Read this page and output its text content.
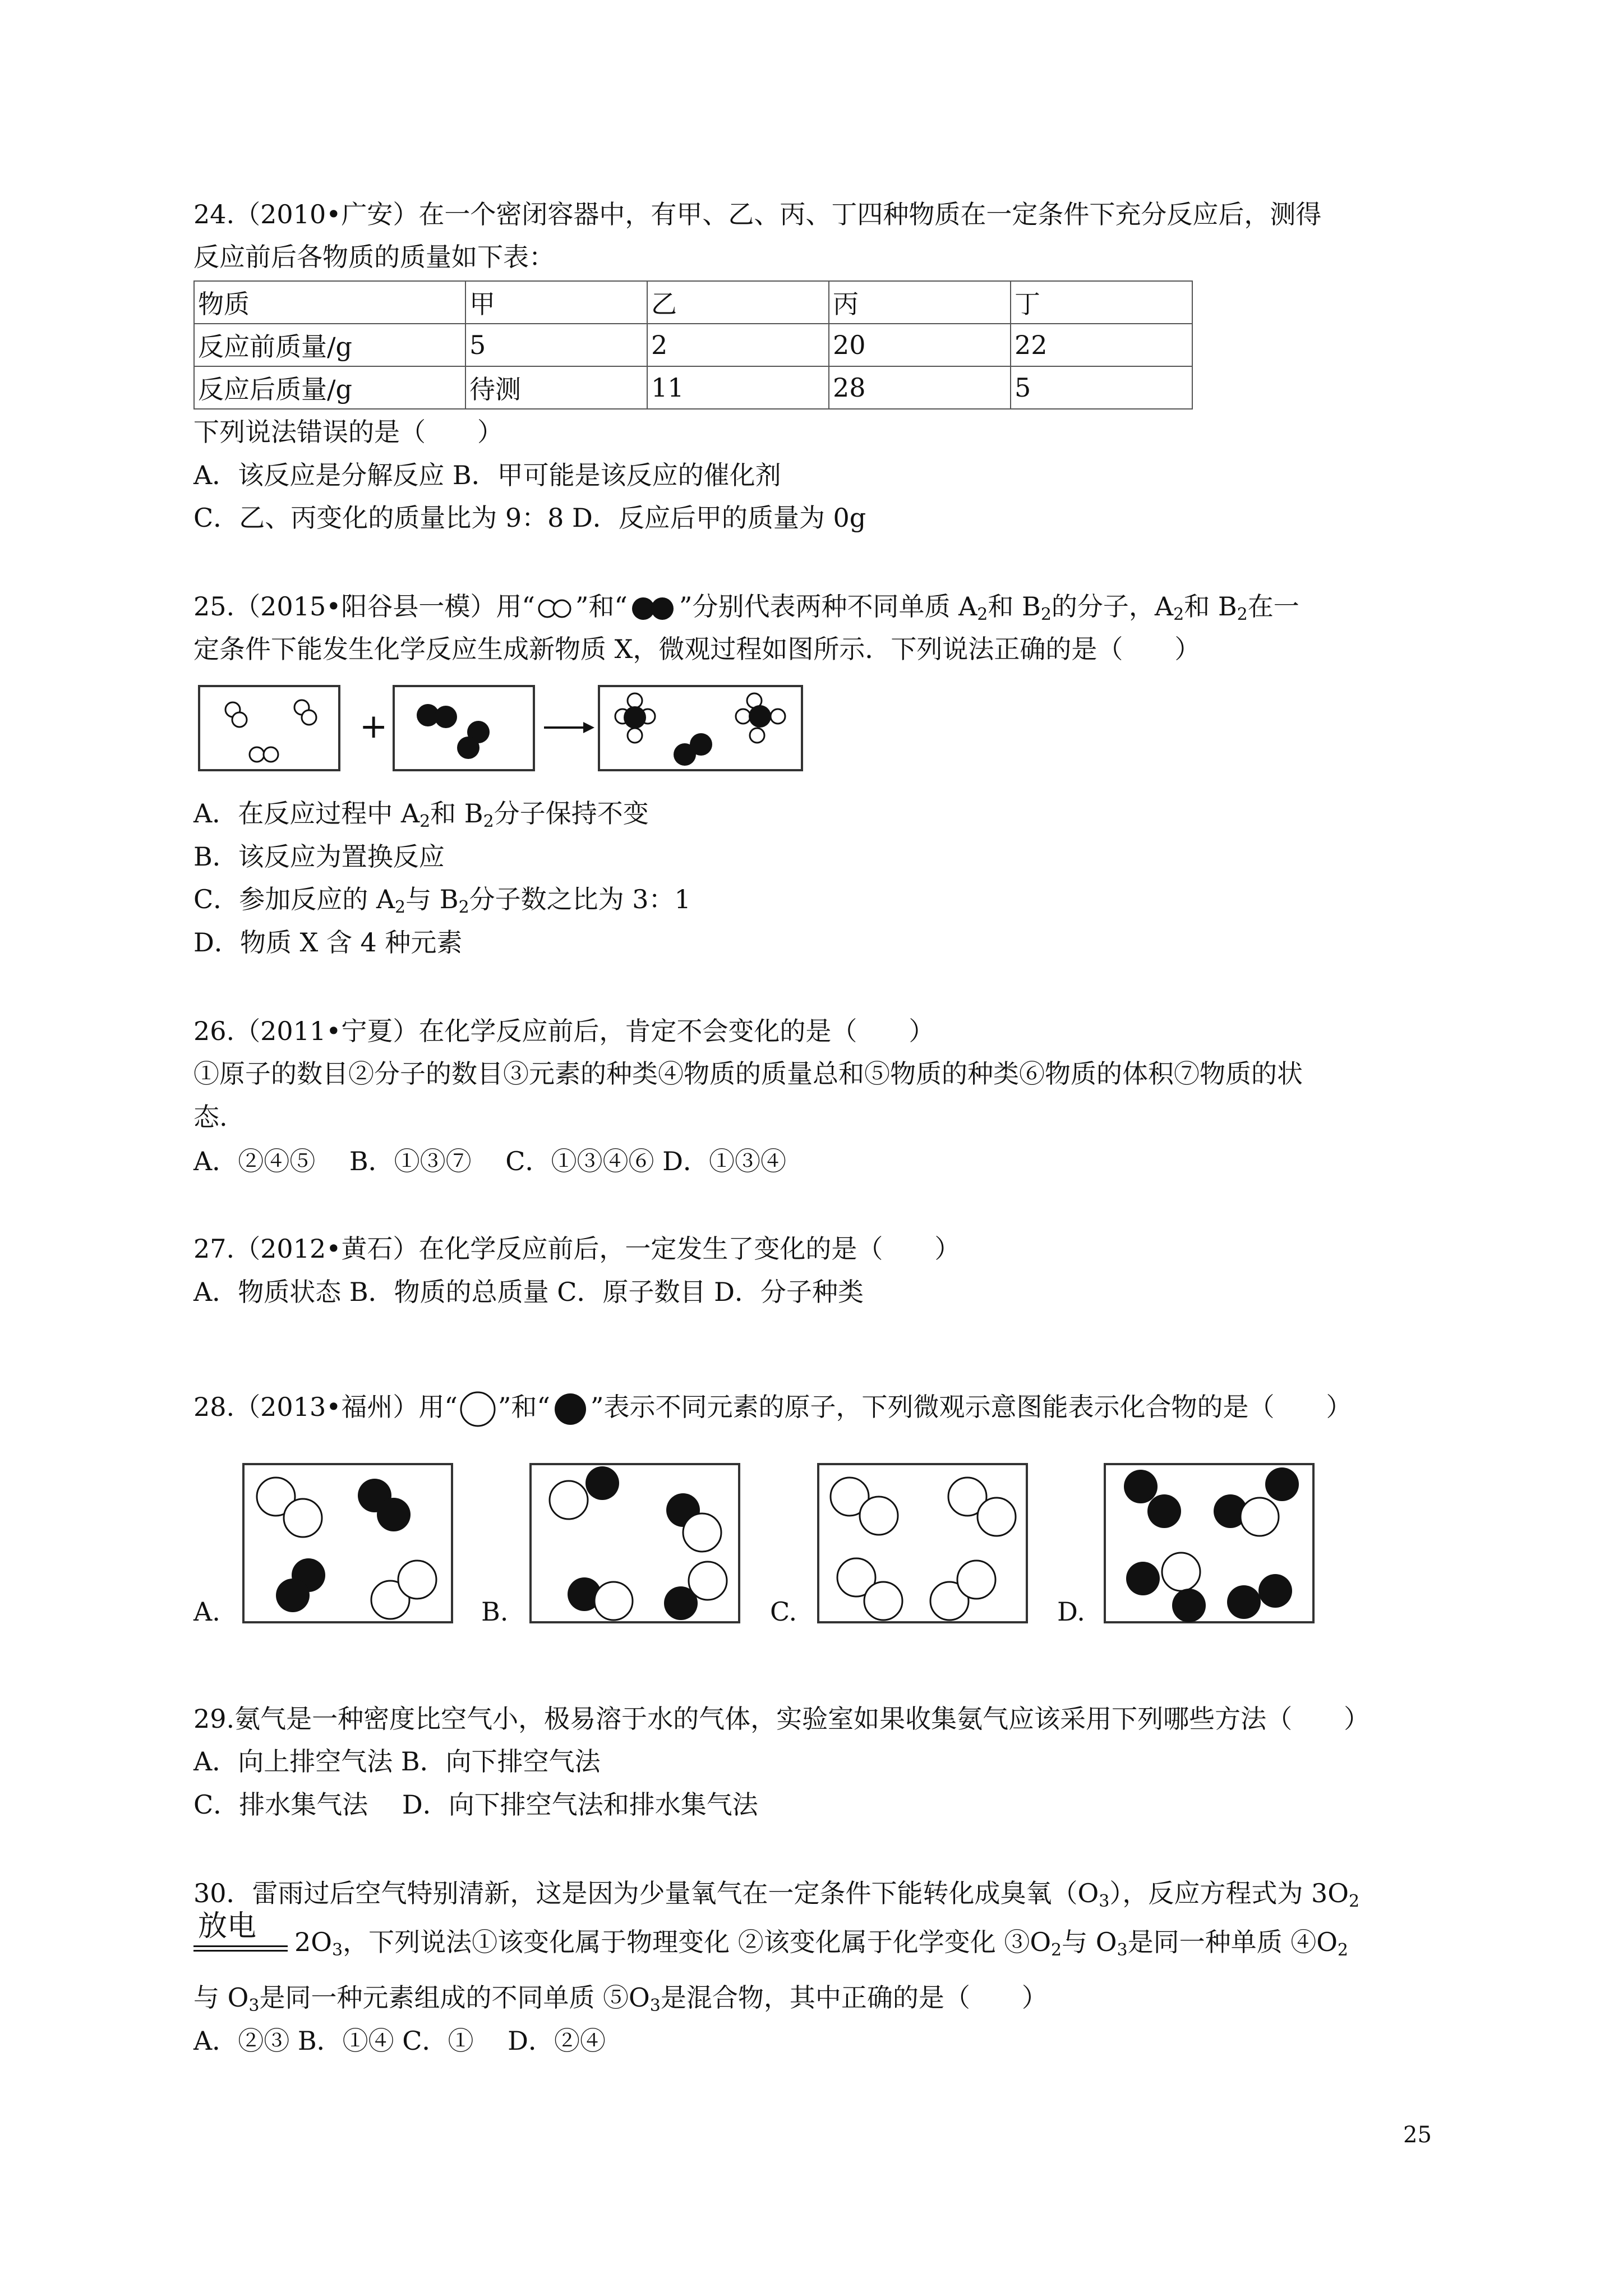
24.（2010•广安）在一个密闭容器中，有甲、乙、丙、丁四种物质在一定条件下充分反应后，测得
反应前后各物质的质量如下表：
物质	甲	乙	丙	丁
反应前质量/g	5	2	20	22
反应后质量/g	待测	11	28	5
下列说法错误的是（　　）
A．该反应是分解反应 B．甲可能是该反应的催化剂
C．乙、丙变化的质量比为 9：8 D．反应后甲的质量为 0g
25.（2015•阳谷县一模）用“ ”和“ ”分别代表两种不同单质 $A_2$和 $B_2$的分子，$A_2$和 $B_2$在一
定条件下能发生化学反应生成新物质 X，微观过程如图所示．下列说法正确的是（　　）
+
A．在反应过程中 $A_2$和 $B_2$分子保持不变
B．该反应为置换反应
C．参加反应的 $A_2$与 $B_2$分子数之比为 3：1
D．物质 X 含 4 种元素
26.（2011•宁夏）在化学反应前后，肯定不会变化的是（　　）
①原子的数目②分子的数目③元素的种类④物质的质量总和⑤物质的种类⑥物质的体积⑦物质的状
态.
A．②④⑤　 B．①③⑦　 C．①③④⑥ D．①③④
27.（2012•黄石）在化学反应前后，一定发生了变化的是（　　）
A．物质状态 B．物质的总质量 C．原子数目 D．分子种类
28.（2013•福州）用“ ”和“ ”表示不同元素的原子，下列微观示意图能表示化合物的是（　　）
A.	B.	C.	D.
29.氨气是一种密度比空气小，极易溶于水的气体，实验室如果收集氨气应该采用下列哪些方法（　　）
A．向上排空气法 B．向下排空气法
C．排水集气法　 D．向下排空气法和排水集气法
30．雷雨过后空气特别清新，这是因为少量氧气在一定条件下能转化成臭氧$(O_3)$，反应方程式为 $3O_2$
放电 $2O_3$，下列说法①该变化属于物理变化 ②该变化属于化学变化 $③O_2$与 $O_3$是同一种单质 $④O_2$
与 $O_3$是同一种元素组成的不同单质 $⑤O_3$是混合物，其中正确的是（　　）
A．②③ B．①④ C．①　 D．②④
25
